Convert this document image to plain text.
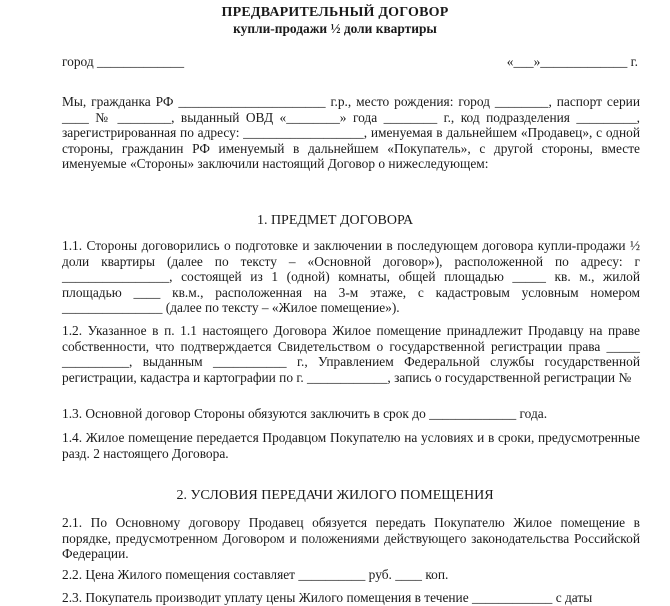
ПРЕДВАРИТЕЛЬНЫЙ ДОГОВОР
купли-продажи ½ доли квартиры
город _____________	«___»_____________ г.
Мы, гражданка РФ ______________________ г.р., место рождения: город ________, паспорт серии ____ № ________, выданный ОВД «________» года ________ г., код подразделения _________, зарегистрированная по адресу: __________________, именуемая в дальнейшем «Продавец», с одной стороны, гражданин РФ именуемый в дальнейшем «Покупатель», с другой стороны, вместе именуемые «Стороны» заключили настоящий Договор о нижеследующем:
1. ПРЕДМЕТ ДОГОВОРА
1.1. Стороны договорились о подготовке и заключении в последующем договора купли-продажи ½ доли квартиры (далее по тексту – «Основной договор»), расположенной по адресу: г ________________, состоящей из 1 (одной) комнаты, общей площадью _____ кв. м., жилой площадью ____ кв.м., расположенная на 3-м этаже, с кадастровым условным номером _______________ (далее по тексту – «Жилое помещение»).
1.2. Указанное в п. 1.1 настоящего Договора Жилое помещение принадлежит Продавцу на праве собственности, что подтверждается Свидетельством о государственной регистрации права _____ __________, выданным ___________ г., Управлением Федеральной службы государственной регистрации, кадастра и картографии по г. ____________, запись о государственной регистрации №
1.3. Основной договор Стороны обязуются заключить в срок до _____________ года.
1.4. Жилое помещение передается Продавцом Покупателю на условиях и в сроки, предусмотренные разд. 2 настоящего Договора.
2. УСЛОВИЯ ПЕРЕДАЧИ ЖИЛОГО ПОМЕЩЕНИЯ
2.1. По Основному договору Продавец обязуется передать Покупателю Жилое помещение в порядке, предусмотренном Договором и положениями действующего законодательства Российской Федерации.
2.2. Цена Жилого помещения составляет __________ руб. ____ коп.
2.3. Покупатель производит уплату цены Жилого помещения в течение ____________ с даты
